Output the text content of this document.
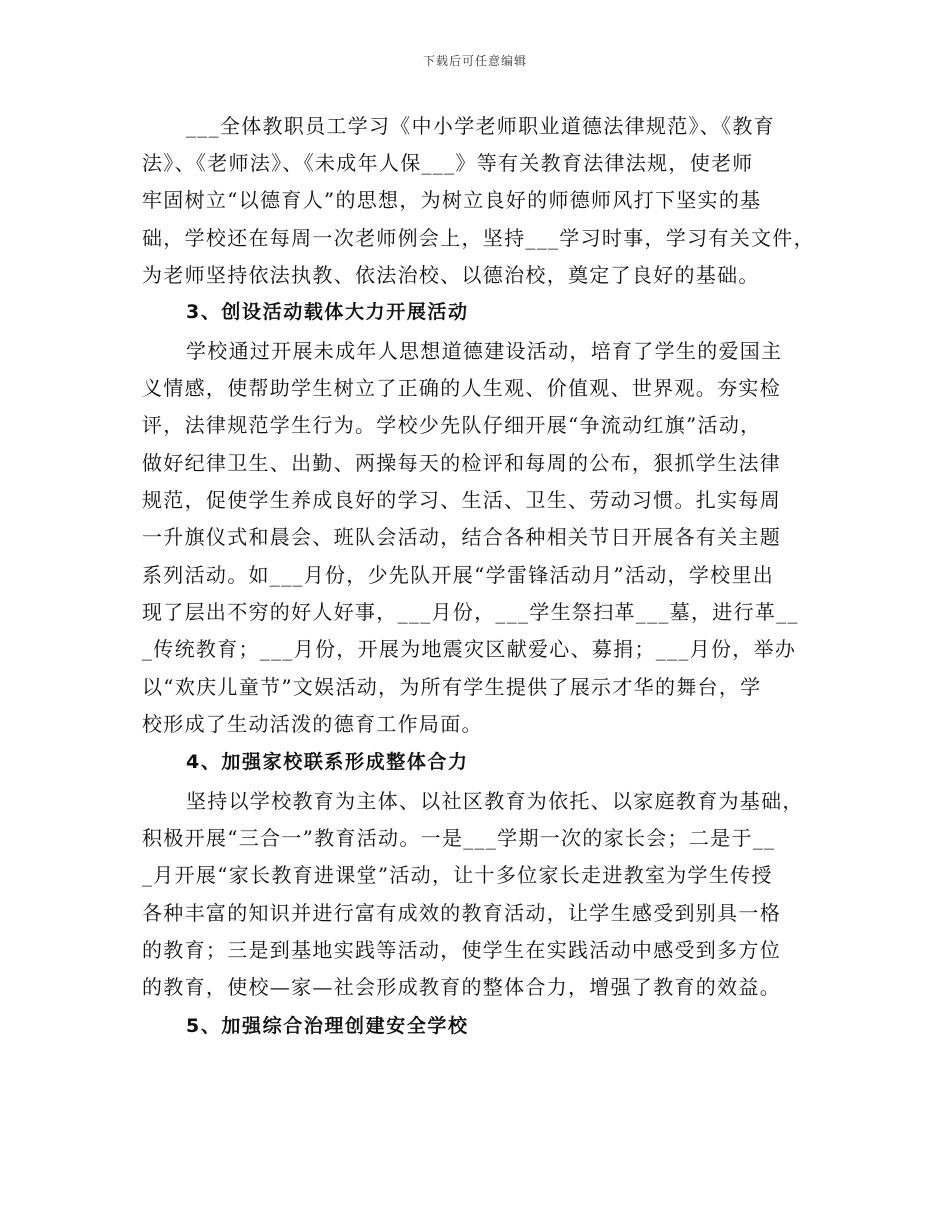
下载后可任意编辑
___全体教职员工学习《中小学老师职业道德法律规范》、《教育
法》、《老师法》、《未成年人保___》等有关教育法律法规，使老师
牢固树立“以德育人”的思想，为树立良好的师德师风打下坚实的基
础，学校还在每周一次老师例会上，坚持___学习时事，学习有关文件，
为老师坚持依法执教、依法治校、以德治校，奠定了良好的基础。
3、创设活动载体大力开展活动
学校通过开展未成年人思想道德建设活动，培育了学生的爱国主
义情感，使帮助学生树立了正确的人生观、价值观、世界观。夯实检
评，法律规范学生行为。学校少先队仔细开展“争流动红旗”活动，
做好纪律卫生、出勤、两操每天的检评和每周的公布，狠抓学生法律
规范，促使学生养成良好的学习、生活、卫生、劳动习惯。扎实每周
一升旗仪式和晨会、班队会活动，结合各种相关节日开展各有关主题
系列活动。如___月份，少先队开展“学雷锋活动月”活动，学校里出
现了层出不穷的好人好事，___月份，___学生祭扫革___墓，进行革__
_传统教育；___月份，开展为地震灾区献爱心、募捐；___月份，举办
以“欢庆儿童节”文娱活动，为所有学生提供了展示才华的舞台，学
校形成了生动活泼的德育工作局面。
4、加强家校联系形成整体合力
坚持以学校教育为主体、以社区教育为依托、以家庭教育为基础，
积极开展“三合一”教育活动。一是___学期一次的家长会；二是于__
_月开展“家长教育进课堂”活动，让十多位家长走进教室为学生传授
各种丰富的知识并进行富有成效的教育活动，让学生感受到别具一格
的教育；三是到基地实践等活动，使学生在实践活动中感受到多方位
的教育，使校—家—社会形成教育的整体合力，增强了教育的效益。
5、加强综合治理创建安全学校
